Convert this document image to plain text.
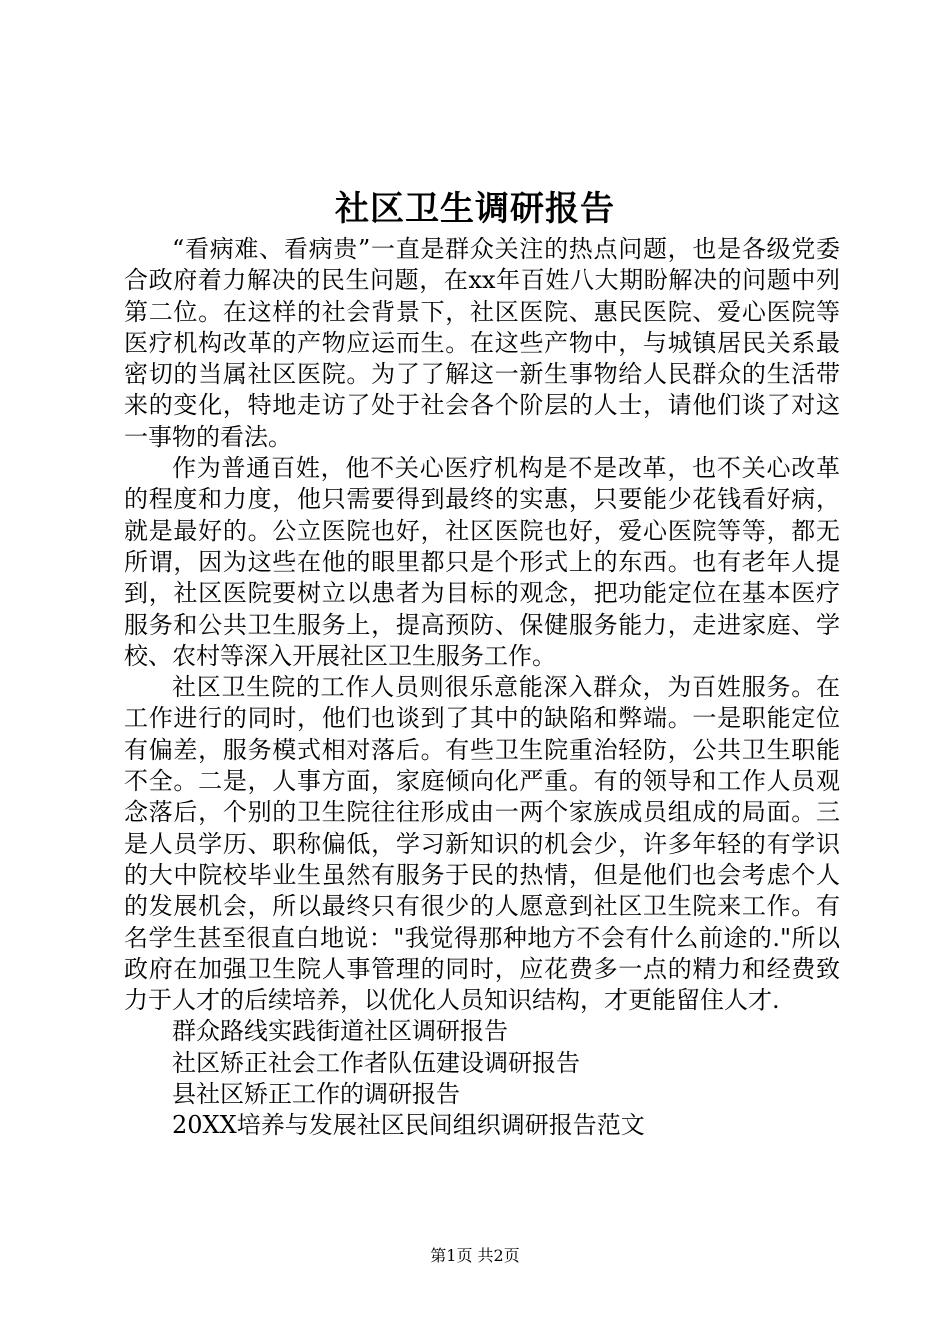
社区卫生调研报告

“看病难、看病贵”一直是群众关注的热点问题，也是各级党委合政府着力解决的民生问题，在xx年百姓八大期盼解决的问题中列第二位。在这样的社会背景下，社区医院、惠民医院、爱心医院等医疗机构改革的产物应运而生。在这些产物中，与城镇居民关系最密切的当属社区医院。为了了解这一新生事物给人民群众的生活带来的变化，特地走访了处于社会各个阶层的人士，请他们谈了对这一事物的看法。

作为普通百姓，他不关心医疗机构是不是改革，也不关心改革的程度和力度，他只需要得到最终的实惠，只要能少花钱看好病，就是最好的。公立医院也好，社区医院也好，爱心医院等等，都无所谓，因为这些在他的眼里都只是个形式上的东西。也有老年人提到，社区医院要树立以患者为目标的观念，把功能定位在基本医疗服务和公共卫生服务上，提高预防、保健服务能力，走进家庭、学校、农村等深入开展社区卫生服务工作。

社区卫生院的工作人员则很乐意能深入群众，为百姓服务。在工作进行的同时，他们也谈到了其中的缺陷和弊端。一是职能定位有偏差，服务模式相对落后。有些卫生院重治轻防，公共卫生职能不全。二是，人事方面，家庭倾向化严重。有的领导和工作人员观念落后，个别的卫生院往往形成由一两个家族成员组成的局面。三是人员学历、职称偏低，学习新知识的机会少，许多年轻的有学识的大中院校毕业生虽然有服务于民的热情，但是他们也会考虑个人的发展机会，所以最终只有很少的人愿意到社区卫生院来工作。有名学生甚至很直白地说："我觉得那种地方不会有什么前途的."所以政府在加强卫生院人事管理的同时，应花费多一点的精力和经费致力于人才的后续培养，以优化人员知识结构，才更能留住人才.

群众路线实践街道社区调研报告
社区矫正社会工作者队伍建设调研报告
县社区矫正工作的调研报告
20XX培养与发展社区民间组织调研报告范文
第1页 共2页
